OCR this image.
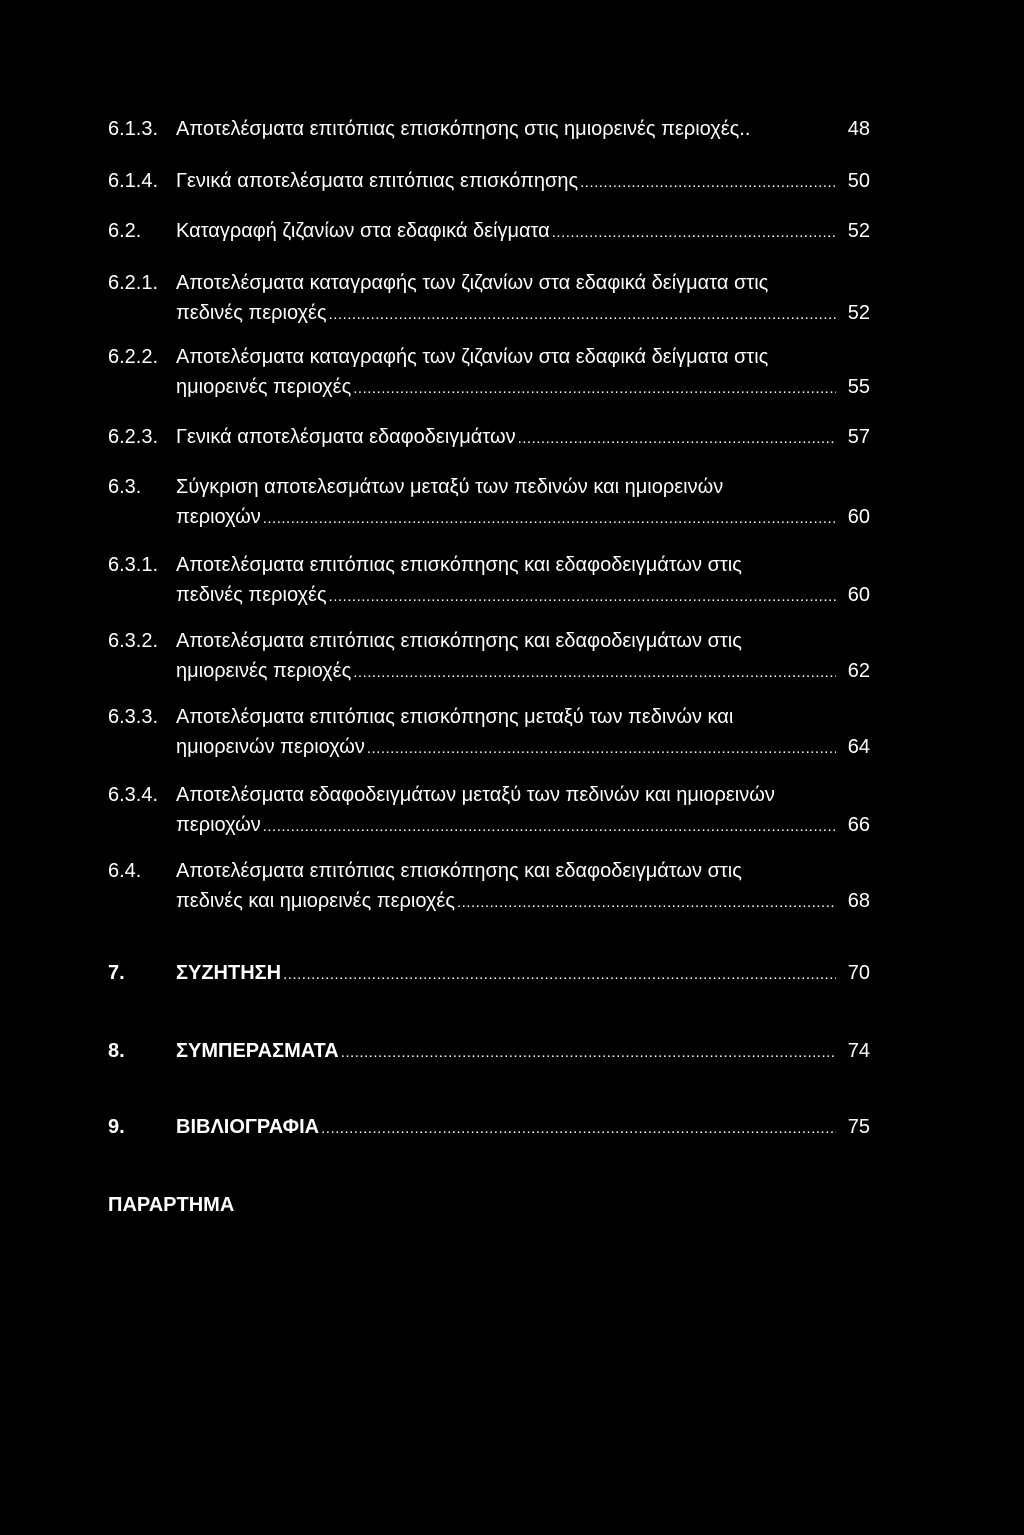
6.1.3. Αποτελέσματα επιτόπιας επισκόπησης στις ημιορεινές περιοχές..	48
6.1.4. Γενικά αποτελέσματα επιτόπιας επισκόπησης .....	50
6.2. Καταγραφή ζιζανίων στα εδαφικά δείγματα .....	52
6.2.1. Αποτελέσματα καταγραφής των ζιζανίων στα εδαφικά δείγματα στις
πεδινές περιοχές .....	52
6.2.2. Αποτελέσματα καταγραφής των ζιζανίων στα εδαφικά δείγματα στις
ημιορεινές περιοχές .....	55
6.2.3. Γενικά αποτελέσματα εδαφοδειγμάτων .....	57
6.3. Σύγκριση αποτελεσμάτων μεταξύ των πεδινών και ημιορεινών
περιοχών .....	60
6.3.1. Αποτελέσματα επιτόπιας επισκόπησης και εδαφοδειγμάτων στις
πεδινές περιοχές .....	60
6.3.2. Αποτελέσματα επιτόπιας επισκόπησης και εδαφοδειγμάτων στις
ημιορεινές περιοχές .....	62
6.3.3. Αποτελέσματα επιτόπιας επισκόπησης μεταξύ των πεδινών και
ημιορεινών περιοχών .....	64
6.3.4. Αποτελέσματα εδαφοδειγμάτων μεταξύ των πεδινών και ημιορεινών
περιοχών .....	66
6.4. Αποτελέσματα επιτόπιας επισκόπησης και εδαφοδειγμάτων στις
πεδινές και ημιορεινές περιοχές .....	68
7.	ΣΥΖΗΤΗΣΗ .....	70
8.	ΣΥΜΠΕΡΑΣΜΑΤΑ .....	74
9.	ΒΙΒΛΙΟΓΡΑΦΙΑ .....	75
ΠΑΡΑΡΤΗΜΑ
